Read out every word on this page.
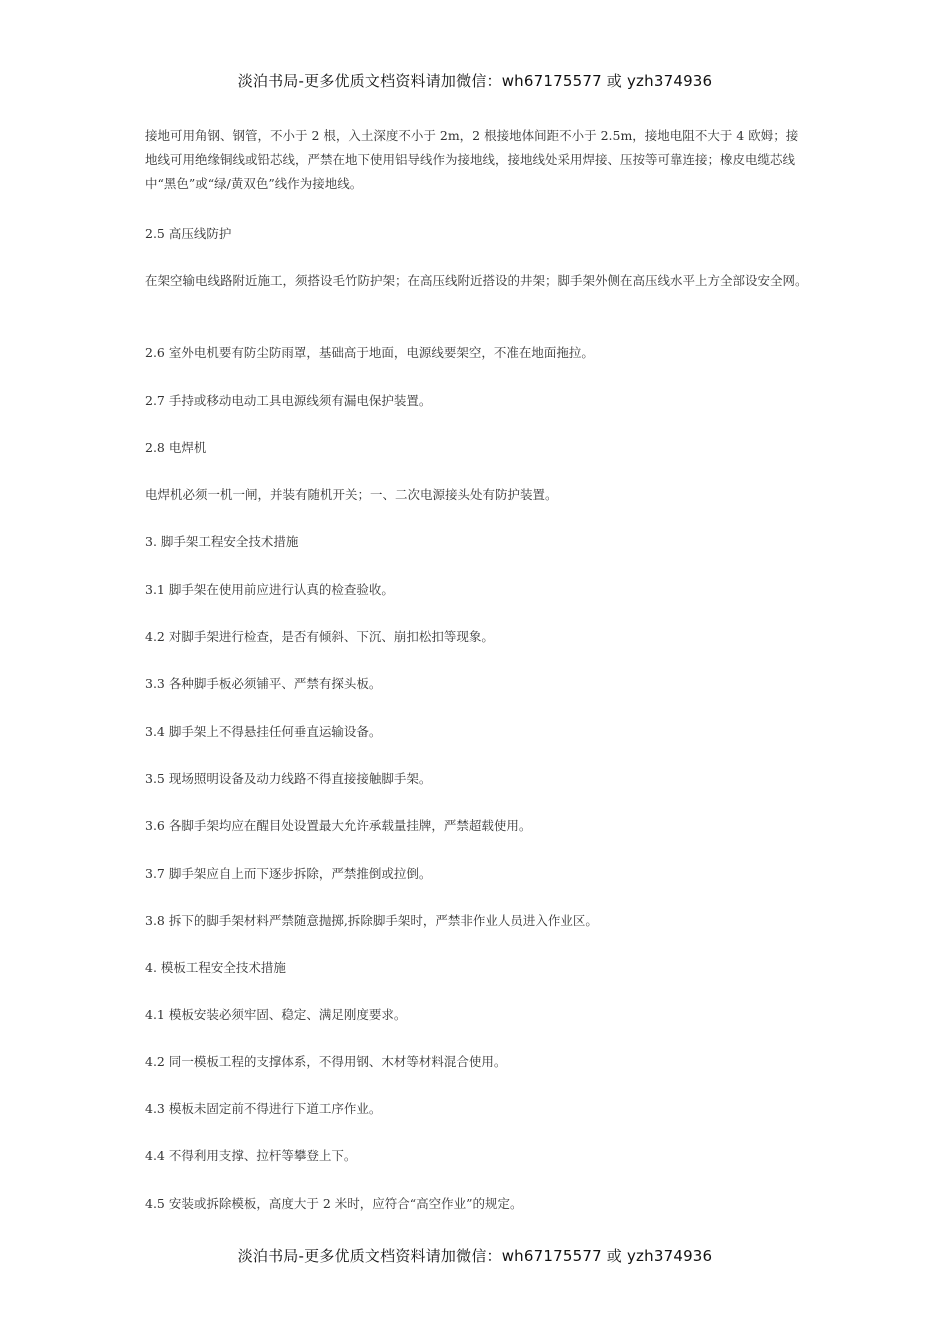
淡泊书局-更多优质文档资料请加微信：wh67175577 或 yzh374936

接地可用角钢、钢管，不小于 2 根，入土深度不小于 2m，2 根接地体间距不小于 2.5m，接地电阻不大于 4 欧姆；接地线可用绝缘铜线或铅芯线，严禁在地下使用铝导线作为接地线，接地线处采用焊接、压按等可靠连接；橡皮电缆芯线中“黑色”或“绿/黄双色”线作为接地线。

2.5 高压线防护

在架空输电线路附近施工，须搭设毛竹防护架；在高压线附近搭设的井架；脚手架外侧在高压线水平上方全部设安全网。

2.6 室外电机要有防尘防雨罩，基础高于地面，电源线要架空，不准在地面拖拉。

2.7 手持或移动电动工具电源线须有漏电保护装置。

2.8 电焊机

电焊机必须一机一闸，并装有随机开关；一、二次电源接头处有防护装置。

3. 脚手架工程安全技术措施

3.1 脚手架在使用前应进行认真的检查验收。

4.2 对脚手架进行检查，是否有倾斜、下沉、崩扣松扣等现象。

3.3 各种脚手板必须铺平、严禁有探头板。

3.4 脚手架上不得悬挂任何垂直运输设备。

3.5 现场照明设备及动力线路不得直接接触脚手架。

3.6 各脚手架均应在醒目处设置最大允许承载量挂牌，严禁超载使用。

3.7 脚手架应自上而下逐步拆除，严禁推倒或拉倒。

3.8 拆下的脚手架材料严禁随意抛掷,拆除脚手架时，严禁非作业人员进入作业区。

4. 模板工程安全技术措施

4.1 模板安装必须牢固、稳定、满足刚度要求。

4.2 同一模板工程的支撑体系，不得用钢、木材等材料混合使用。

4.3 模板未固定前不得进行下道工序作业。

4.4 不得利用支撑、拉杆等攀登上下。

4.5 安装或拆除模板，高度大于 2 米时，应符合“高空作业”的规定。

淡泊书局-更多优质文档资料请加微信：wh67175577 或 yzh374936
